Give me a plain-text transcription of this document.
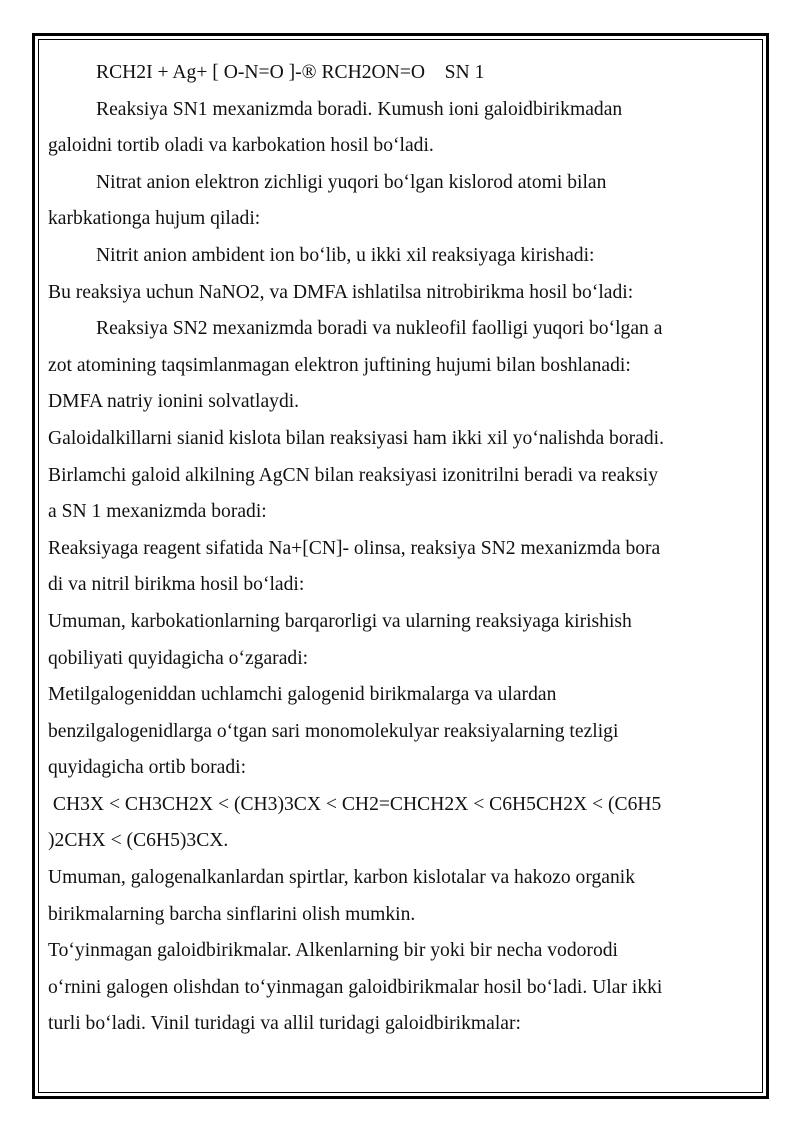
RCH2I + Ag+ [ O-N=O ]-® RCH2ON=O    SN 1
Reaksiya SN1 mexanizmda boradi. Kumush ioni galoidbirikmadan
galoidni tortib oladi va karbokation hosil bo‘ladi.
Nitrat anion elektron zichligi yuqori bo‘lgan kislorod atomi bilan
karbkationga hujum qiladi:
Nitrit anion ambident ion bo‘lib, u ikki xil reaksiyaga kirishadi:
Bu reaksiya uchun NaNO2, va DMFA ishlatilsa nitrobirikma hosil bo‘ladi:
Reaksiya SN2 mexanizmda boradi va nukleofil faolligi yuqori bo‘lgan a
zot atomining taqsimlanmagan elektron juftining hujumi bilan boshlanadi:
DMFA natriy ionini solvatlaydi.
Galoidalkillarni sianid kislota bilan reaksiyasi ham ikki xil yo‘nalishda boradi.
Birlamchi galoid alkilning AgCN bilan reaksiyasi izonitrilni beradi va reaksiy
a SN 1 mexanizmda boradi:
Reaksiyaga reagent sifatida Na+[CN]- olinsa, reaksiya SN2 mexanizmda bora
di va nitril birikma hosil bo‘ladi:
Umuman, karbokationlarning barqarorligi va ularning reaksiyaga kirishish
qobiliyati quyidagicha o‘zgaradi:
Metilgalogeniddan uchlamchi galogenid birikmalarga va ulardan
benzilgalogenidlarga o‘tgan sari monomolekulyar reaksiyalarning tezligi
quyidagicha ortib boradi:
CH3X < CH3CH2X < (CH3)3CX < CH2=CHCH2X < C6H5CH2X < (C6H5
)2CHX < (C6H5)3CX.
Umuman, galogenalkanlardan spirtlar, karbon kislotalar va hakozo organik
birikmalarning barcha sinflarini olish mumkin.
To‘yinmagan galoidbirikmalar. Alkenlarning bir yoki bir necha vodorodi
o‘rnini galogen olishdan to‘yinmagan galoidbirikmalar hosil bo‘ladi. Ular ikki
turli bo‘ladi. Vinil turidagi va allil turidagi galoidbirikmalar:
